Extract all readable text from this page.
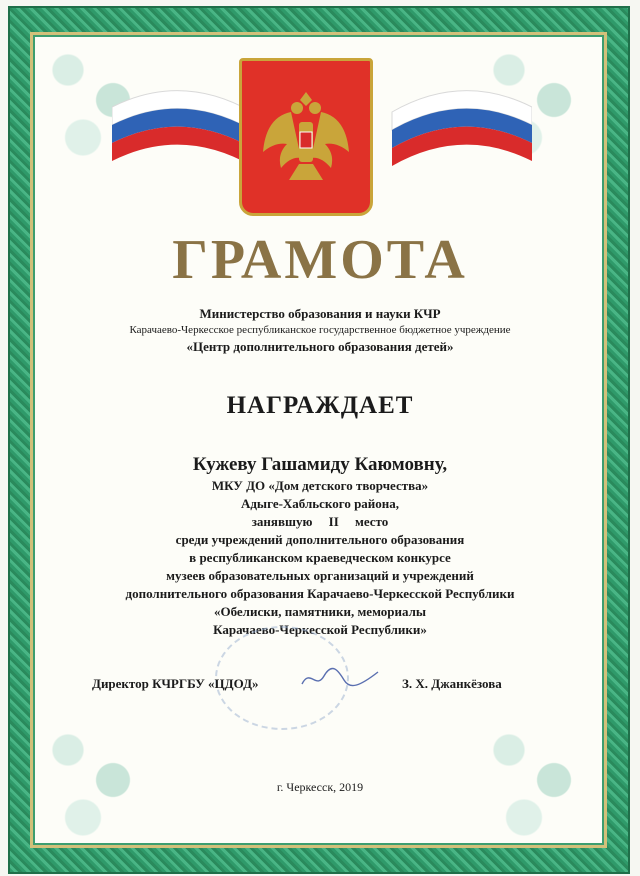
ГРАМОТА
Министерство образования и науки КЧР
Карачаево-Черкесское республиканское государственное бюджетное учреждение
«Центр дополнительного образования детей»
НАГРАЖДАЕТ
Кужеву Гашамиду Каюмовну,
МКУ ДО «Дом детского творчества»
Адыге-Хабльского района,
занявшую     II     место
среди учреждений дополнительного образования
в республиканском краеведческом конкурсе
музеев образовательных организаций и учреждений
дополнительного образования Карачаево-Черкесской Республики
«Обелиски, памятники, мемориалы
Карачаево-Черкесской Республики»
Директор КЧРГБУ «ЦДОД»	З. Х. Джанкёзова
г. Черкесск, 2019
